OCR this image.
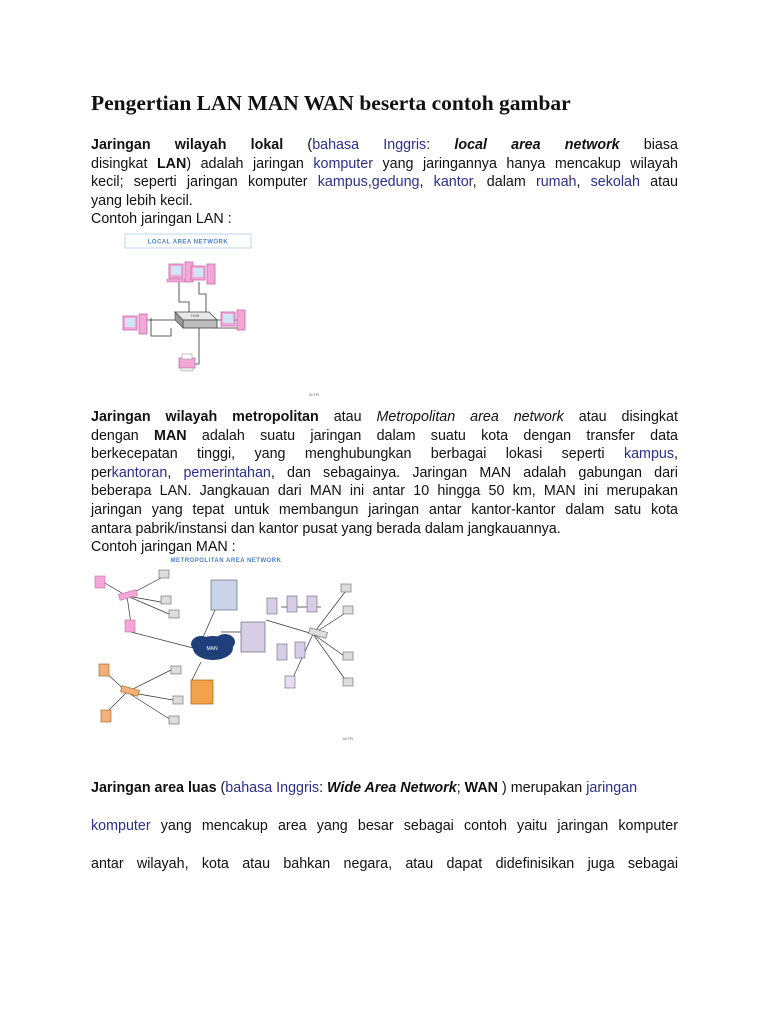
Pengertian LAN MAN WAN beserta contoh gambar
Jaringan wilayah lokal (bahasa Inggris: local area network biasa
disingkat LAN) adalah jaringan komputer yang jaringannya hanya mencakup wilayah
kecil; seperti jaringan komputer kampus,gedung, kantor, dalam rumah, sekolah atau
yang lebih kecil.
Contoh jaringan LAN :
LOCAL AREA NETWORK
HUB
M.TR
Jaringan wilayah metropolitan atau Metropolitan area network atau disingkat
dengan MAN adalah suatu jaringan dalam suatu kota dengan transfer data
berkecepatan tinggi, yang menghubungkan berbagai lokasi seperti kampus,
perkantoran, pemerintahan, dan sebagainya. Jaringan MAN adalah gabungan dari
beberapa LAN. Jangkauan dari MAN ini antar 10 hingga 50 km, MAN ini merupakan
jaringan yang tepat untuk membangun jaringan antar kantor-kantor dalam satu kota
antara pabrik/instansi dan kantor pusat yang berada dalam jangkauannya.
Contoh jaringan MAN :
METROPOLITAN AREA NETWORK
MAN
M.TR
Jaringan area luas (bahasa Inggris: Wide Area Network; WAN ) merupakan jaringan
komputer yang mencakup area yang besar sebagai contoh yaitu jaringan komputer
antar wilayah, kota atau bahkan negara, atau dapat didefinisikan juga sebagai
